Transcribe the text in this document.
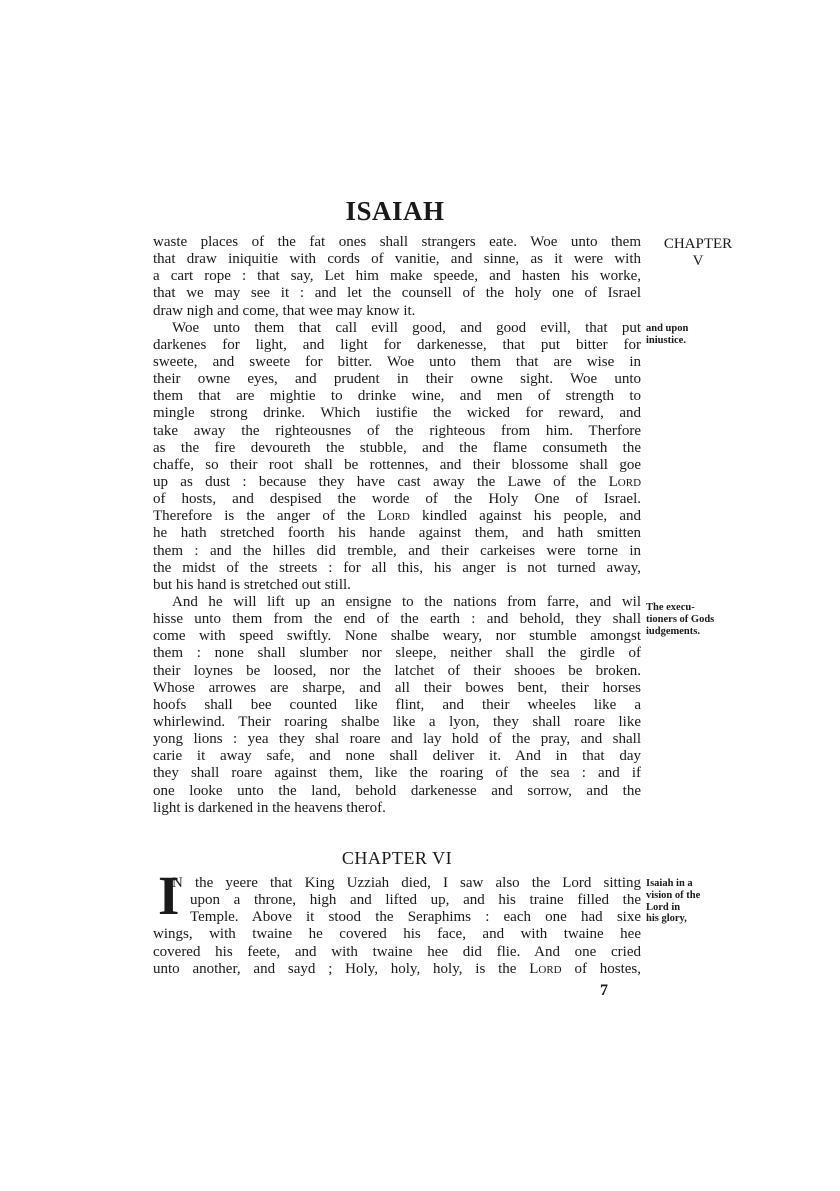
ISAIAH
CHAPTER
V
waste places of the fat ones shall strangers eate. Woe unto them
that draw iniquitie with cords of vanitie, and sinne, as it were with
a cart rope : that say, Let him make speede, and hasten his worke,
that we may see it : and let the counsell of the holy one of Israel
draw nigh and come, that wee may know it.
Woe unto them that call evill good, and good evill, that put
darkenes for light, and light for darkenesse, that put bitter for
sweete, and sweete for bitter. Woe unto them that are wise in
their owne eyes, and prudent in their owne sight. Woe unto
them that are mightie to drinke wine, and men of strength to
mingle strong drinke. Which iustifie the wicked for reward, and
take away the righteousnes of the righteous from him. Therfore
as the fire devoureth the stubble, and the flame consumeth the
chaffe, so their root shall be rottennes, and their blossome shall goe
up as dust : because they have cast away the Lawe of the Lord
of hosts, and despised the worde of the Holy One of Israel.
Therefore is the anger of the Lord kindled against his people, and
he hath stretched foorth his hande against them, and hath smitten
them : and the hilles did tremble, and their carkeises were torne in
the midst of the streets : for all this, his anger is not turned away,
but his hand is stretched out still.
And he will lift up an ensigne to the nations from farre, and wil
hisse unto them from the end of the earth : and behold, they shall
come with speed swiftly. None shalbe weary, nor stumble amongst
them : none shall slumber nor sleepe, neither shall the girdle of
their loynes be loosed, nor the latchet of their shooes be broken.
Whose arrowes are sharpe, and all their bowes bent, their horses
hoofs shall bee counted like flint, and their wheeles like a
whirlewind. Their roaring shalbe like a lyon, they shall roare like
yong lions : yea they shal roare and lay hold of the pray, and shall
carie it away safe, and none shall deliver it. And in that day
they shall roare against them, like the roaring of the sea : and if
one looke unto the land, behold darkenesse and sorrow, and the
light is darkened in the heavens therof.
and upon
iniustice.
The execu-
tioners of Gods
iudgements.
CHAPTER VI
I
N the yeere that King Uzziah died, I saw also the Lord sitting
upon a throne, high and lifted up, and his traine filled the
Temple. Above it stood the Seraphims : each one had sixe
wings, with twaine he covered his face, and with twaine hee
covered his feete, and with twaine hee did flie. And one cried
unto another, and sayd ; Holy, holy, holy, is the Lord of hostes,
Isaiah in a
vision of the
Lord in
his glory,
7
